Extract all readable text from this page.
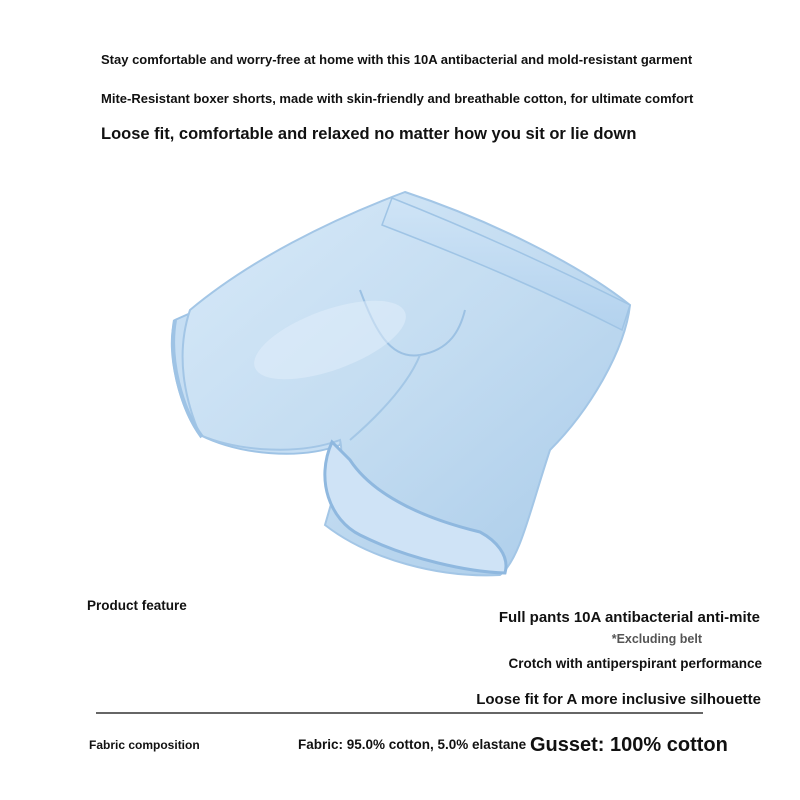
Stay comfortable and worry-free at home with this 10A antibacterial and mold-resistant garment

Mite-Resistant boxer shorts, made with skin-friendly and breathable cotton, for ultimate comfort

Loose fit, comfortable and relaxed no matter how you sit or lie down

Product feature

Full pants 10A antibacterial anti-mite

*Excluding belt

Crotch with antiperspirant performance

Loose fit for A more inclusive silhouette

Fabric composition	Fabric: 95.0% cotton, 5.0% elastane Gusset: 100% cotton
